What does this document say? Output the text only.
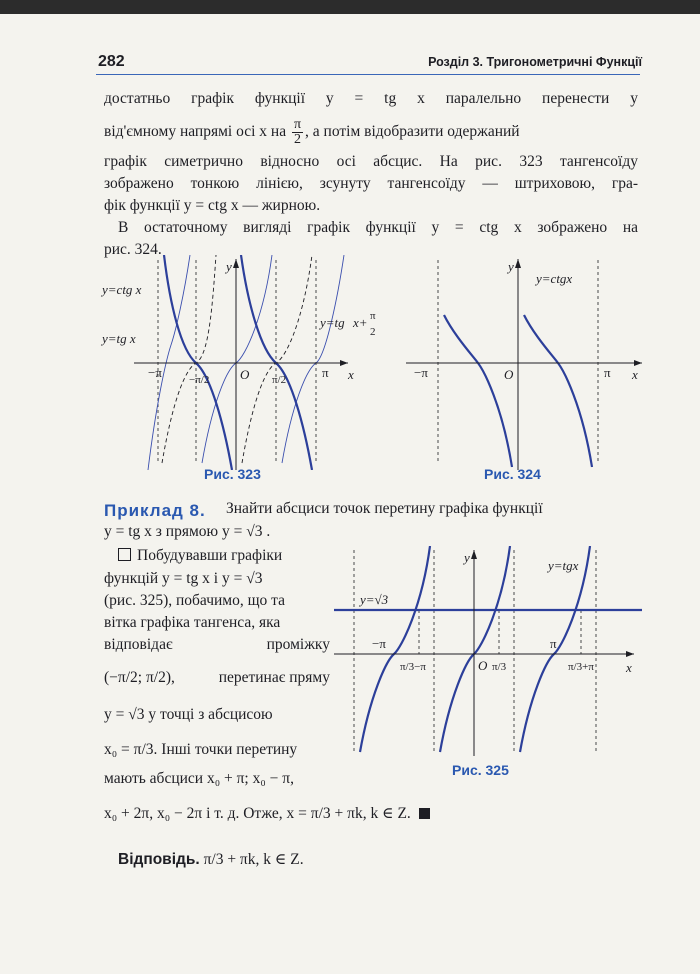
282	Розділ 3. Тригонометричні Функції
достатньо графік функції y = tg x паралельно перенести у
від'ємному напрямі осі x на $\frac{\pi}{2}$ , а потім відобразити одержаний
графік симетрично відносно осі абсцис. На рис. 323 тангенсоїду
зображено тонкою лінією, зсунуту тангенсоїду — штриховою, гра-
фік функції y = ctg x — жирною.
В остаточному вигляді графік функції y = ctg x зображено на
рис. 324.
y=ctg x
y=tg x
y=tg x+ π
2
y
x
O
−π	π
−π/2	π/2
Рис. 323
y=ctgx
y
x
O
−π	π
Рис. 324
Приклад 8. Знайти абсциси точок перетину графіка функції
y = tg x з прямою y = √3 .
Побудувавши графіки
функцій y = tg x і y = √3
(рис. 325), побачимо, що та
вітка графіка тангенса, яка
відповідає	проміжку
(−π/2; π/2),	перетинає пряму
y = √3 у точці з абсцисою
x₀ = π/3. Інші точки перетину
мають абсциси x₀ + π; x₀ − π,
x₀ + 2π, x₀ − 2π і т. д. Отже, x = π/3 + πk, k ∈ Z.
Відповідь. π/3 + πk, k ∈ Z.
y=tgx
y=√3
y
x
O
−π	π
π/3−π	π/3	π/3+π
Рис. 325
